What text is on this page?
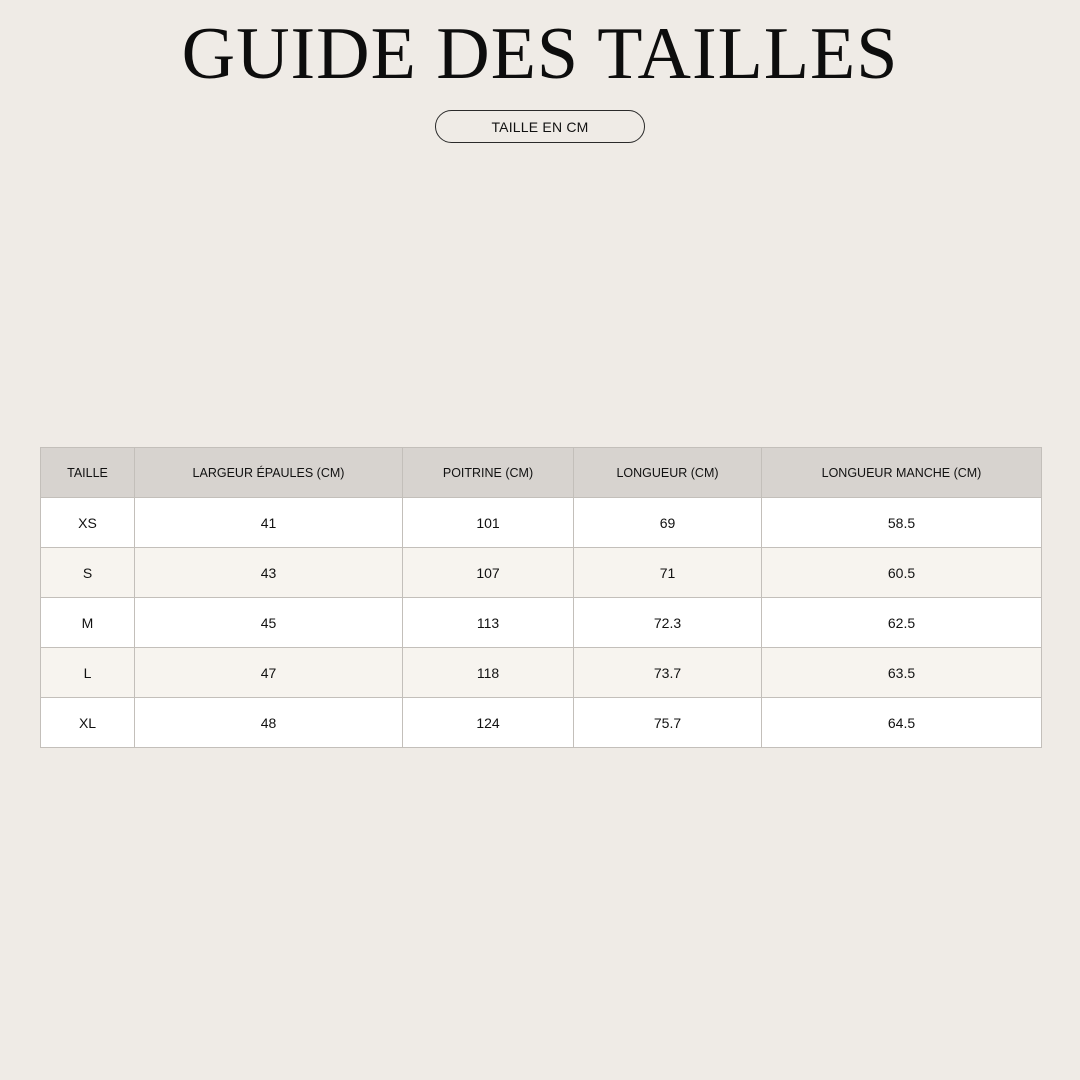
GUIDE DES TAILLES
TAILLE EN CM
TAILLE	LARGEUR ÉPAULES (CM)	POITRINE (CM)	LONGUEUR (CM)	LONGUEUR MANCHE (CM)
XS	41	101	69	58.5
S	43	107	71	60.5
M	45	113	72.3	62.5
L	47	118	73.7	63.5
XL	48	124	75.7	64.5
